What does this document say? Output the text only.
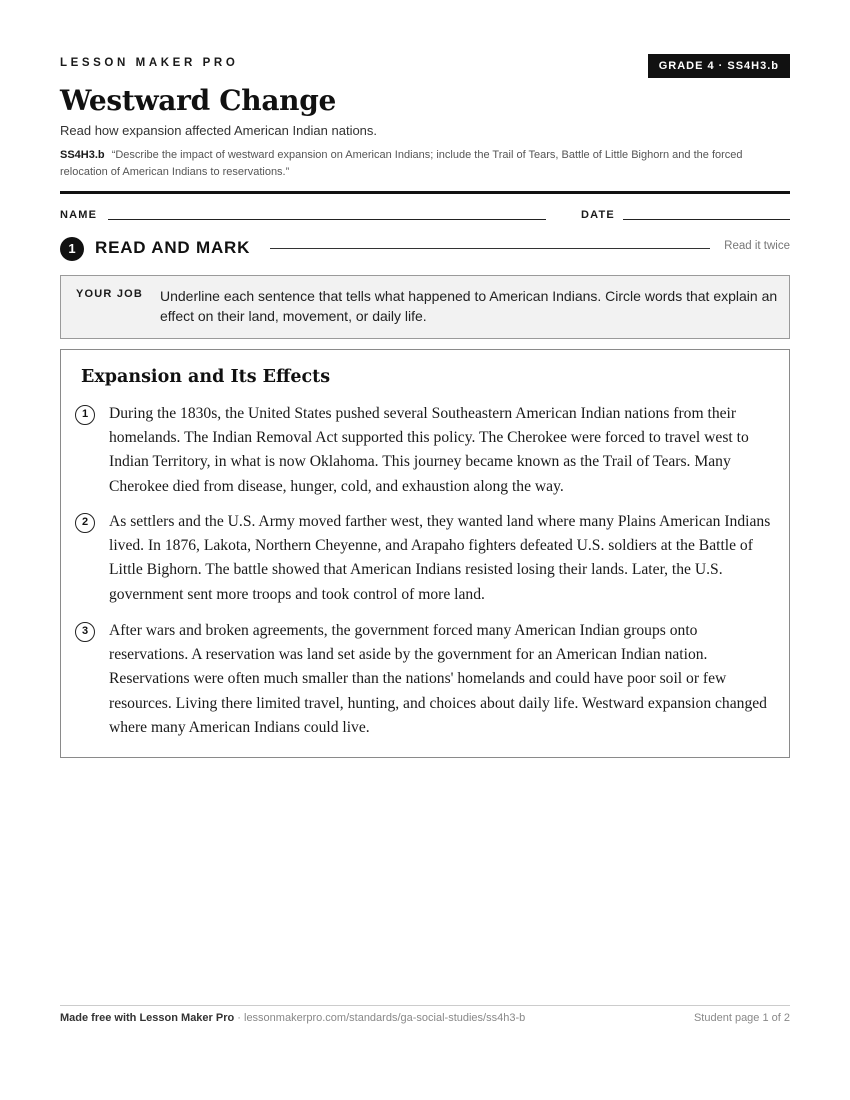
LESSON MAKER PRO	GRADE 4 · SS4H3.b
Westward Change
Read how expansion affected American Indian nations.
SS4H3.b “Describe the impact of westward expansion on American Indians; include the Trail of Tears, Battle of Little Bighorn and the forced relocation of American Indians to reservations.”
NAME	DATE
1	READ AND MARK	Read it twice
YOUR JOB Underline each sentence that tells what happened to American Indians. Circle words that explain an effect on their land, movement, or daily life.
Expansion and Its Effects
1	During the 1830s, the United States pushed several Southeastern American Indian nations from their homelands. The Indian Removal Act supported this policy. The Cherokee were forced to travel west to Indian Territory, in what is now Oklahoma. This journey became known as the Trail of Tears. Many Cherokee died from disease, hunger, cold, and exhaustion along the way.
2	As settlers and the U.S. Army moved farther west, they wanted land where many Plains American Indians lived. In 1876, Lakota, Northern Cheyenne, and Arapaho fighters defeated U.S. soldiers at the Battle of Little Bighorn. The battle showed that American Indians resisted losing their lands. Later, the U.S. government sent more troops and took control of more land.
3	After wars and broken agreements, the government forced many American Indian groups onto reservations. A reservation was land set aside by the government for an American Indian nation. Reservations were often much smaller than the nations' homelands and could have poor soil or few resources. Living there limited travel, hunting, and choices about daily life. Westward expansion changed where many American Indians could live.
Made free with Lesson Maker Pro · lessonmakerpro.com/standards/ga-social-studies/ss4h3-b	Student page 1 of 2
